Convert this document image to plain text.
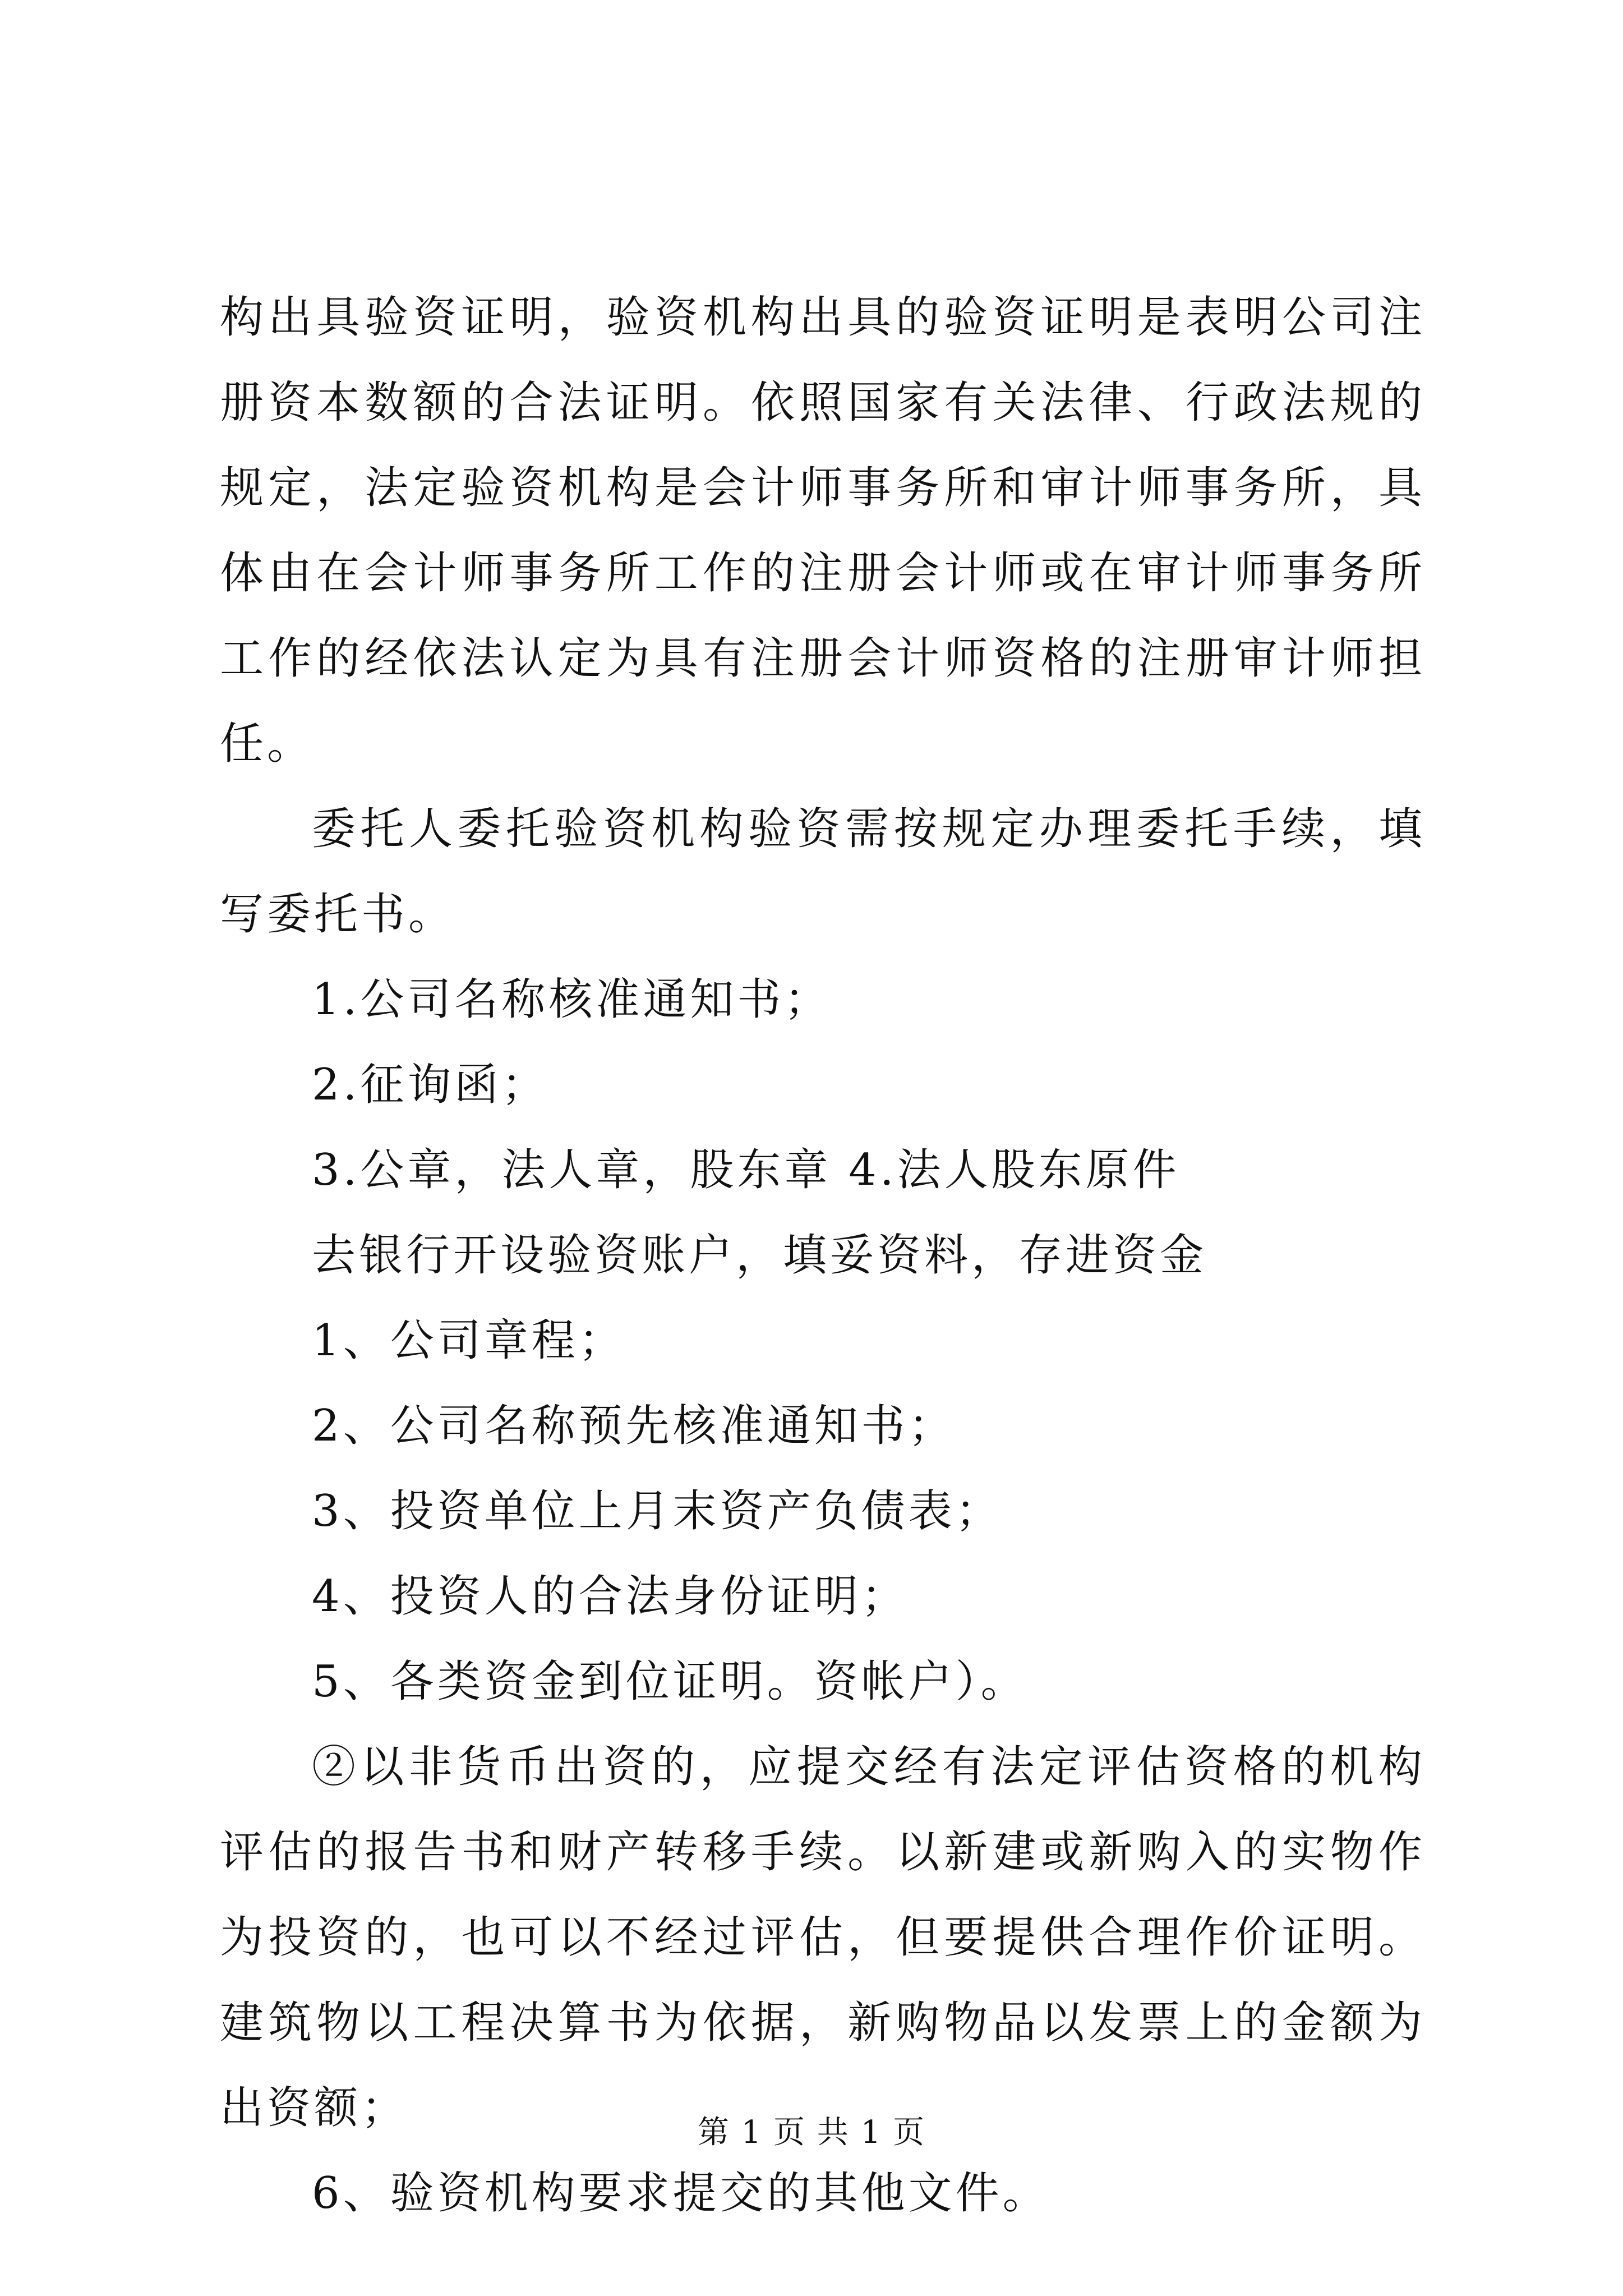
构出具验资证明，验资机构出具的验资证明是表明公司注册资本数额的合法证明。依照国家有关法律、行政法规的规定，法定验资机构是会计师事务所和审计师事务所，具体由在会计师事务所工作的注册会计师或在审计师事务所工作的经依法认定为具有注册会计师资格的注册审计师担任。

委托人委托验资机构验资需按规定办理委托手续，填写委托书。

1.公司名称核准通知书；

2.征询函；

3.公章，法人章，股东章 4.法人股东原件

去银行开设验资账户，填妥资料，存进资金

1、公司章程；

2、公司名称预先核准通知书；

3、投资单位上月末资产负债表；

4、投资人的合法身份证明；

5、各类资金到位证明。资帐户）。

②以非货币出资的，应提交经有法定评估资格的机构评估的报告书和财产转移手续。以新建或新购入的实物作为投资的，也可以不经过评估，但要提供合理作价证明。建筑物以工程决算书为依据，新购物品以发票上的金额为出资额；

6、验资机构要求提交的其他文件。

第 1 页 共 1 页
